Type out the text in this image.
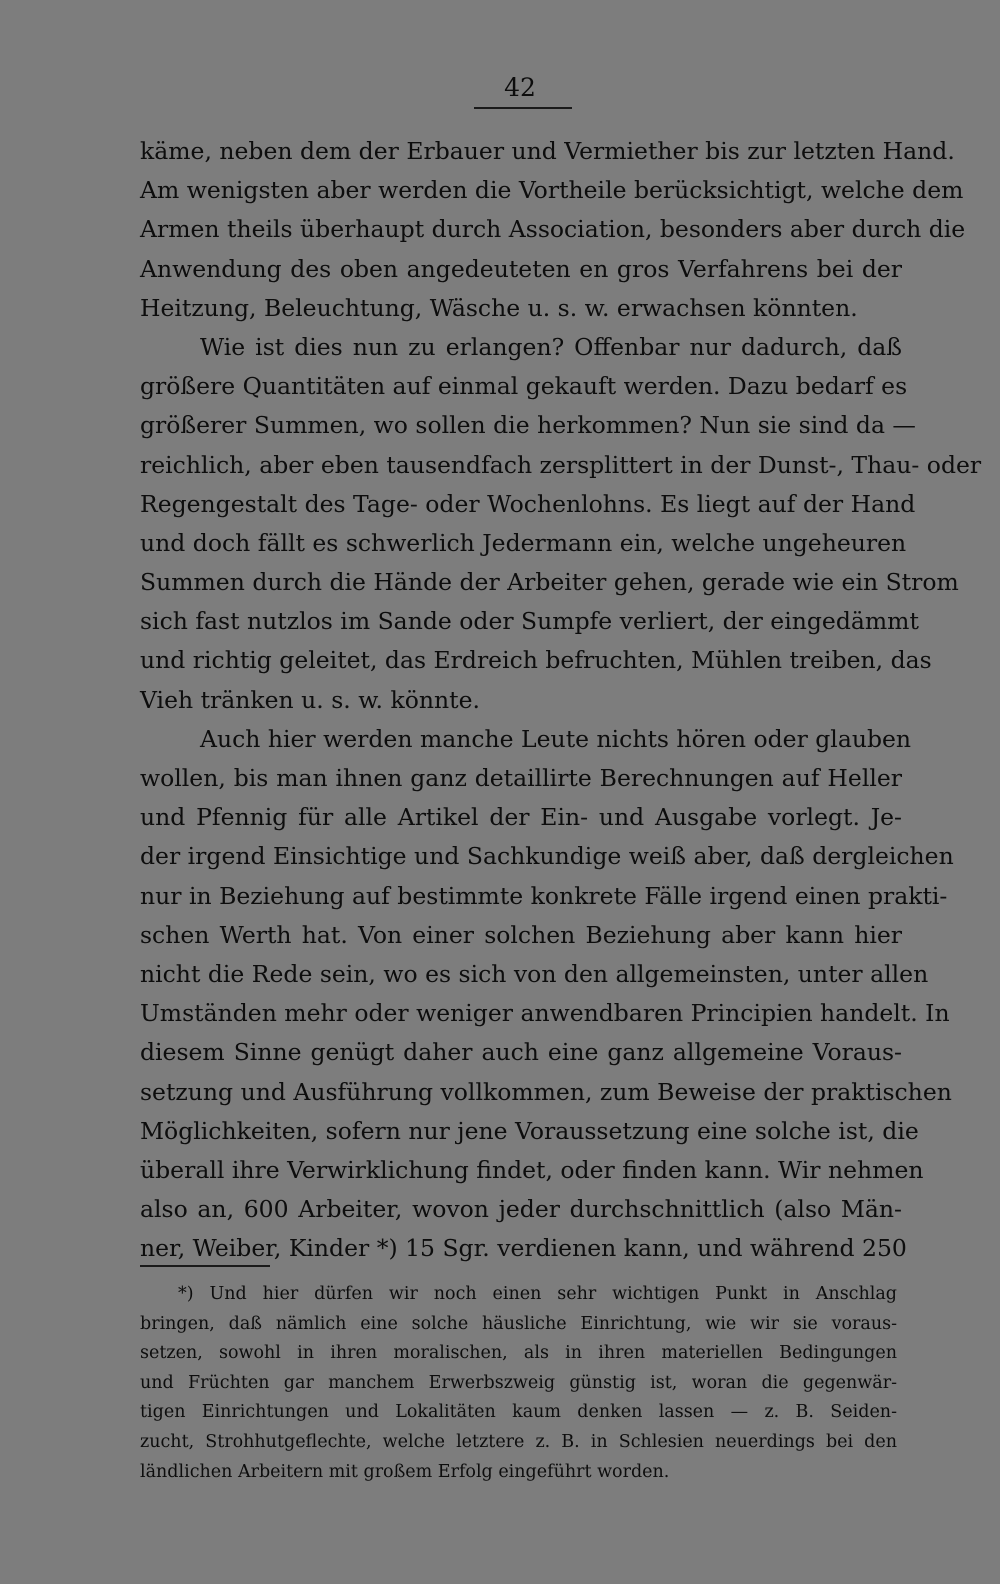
42
käme, neben dem der Erbauer und Vermiether bis zur letzten Hand.
Am wenigsten aber werden die Vortheile berücksichtigt, welche dem
Armen theils überhaupt durch Association, besonders aber durch die
Anwendung des oben angedeuteten en gros Verfahrens bei der
Heitzung, Beleuchtung, Wäsche u. s. w. erwachsen könnten.
Wie ist dies nun zu erlangen? Offenbar nur dadurch, daß
größere Quantitäten auf einmal gekauft werden. Dazu bedarf es
größerer Summen, wo sollen die herkommen? Nun sie sind da —
reichlich, aber eben tausendfach zersplittert in der Dunst-, Thau- oder
Regengestalt des Tage- oder Wochenlohns. Es liegt auf der Hand
und doch fällt es schwerlich Jedermann ein, welche ungeheuren
Summen durch die Hände der Arbeiter gehen, gerade wie ein Strom
sich fast nutzlos im Sande oder Sumpfe verliert, der eingedämmt
und richtig geleitet, das Erdreich befruchten, Mühlen treiben, das
Vieh tränken u. s. w. könnte.
Auch hier werden manche Leute nichts hören oder glauben
wollen, bis man ihnen ganz detaillirte Berechnungen auf Heller
und Pfennig für alle Artikel der Ein- und Ausgabe vorlegt. Je-
der irgend Einsichtige und Sachkundige weiß aber, daß dergleichen
nur in Beziehung auf bestimmte konkrete Fälle irgend einen prakti-
schen Werth hat. Von einer solchen Beziehung aber kann hier
nicht die Rede sein, wo es sich von den allgemeinsten, unter allen
Umständen mehr oder weniger anwendbaren Principien handelt. In
diesem Sinne genügt daher auch eine ganz allgemeine Voraus-
setzung und Ausführung vollkommen, zum Beweise der praktischen
Möglichkeiten, sofern nur jene Voraussetzung eine solche ist, die
überall ihre Verwirklichung findet, oder finden kann. Wir nehmen
also an, 600 Arbeiter, wovon jeder durchschnittlich (also Män-
ner, Weiber, Kinder *) 15 Sgr. verdienen kann, und während 250
*) Und hier dürfen wir noch einen sehr wichtigen Punkt in Anschlag
bringen, daß nämlich eine solche häusliche Einrichtung, wie wir sie voraus-
setzen, sowohl in ihren moralischen, als in ihren materiellen Bedingungen
und Früchten gar manchem Erwerbszweig günstig ist, woran die gegenwär-
tigen Einrichtungen und Lokalitäten kaum denken lassen — z. B. Seiden-
zucht, Strohhutgeflechte, welche letztere z. B. in Schlesien neuerdings bei den
ländlichen Arbeitern mit großem Erfolg eingeführt worden.
